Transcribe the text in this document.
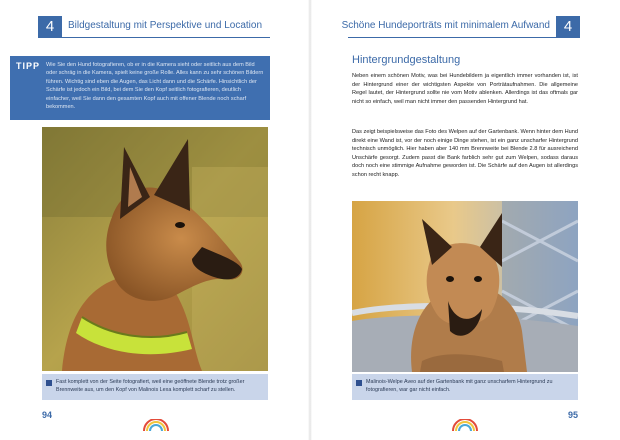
4	Bildgestaltung mit Perspektive und Location
TIPP Wie Sie den Hund fotografieren, ob er in die Kamera sieht oder seitlich aus dem Bild oder schräg in die Kamera, spielt keine große Rolle. Alles kann zu sehr schönen Bildern führen. Wichtig sind eben die Augen, das Licht dann und die Schärfe. Hinsichtlich der Schärfe ist jedoch ein Bild, bei dem Sie den Kopf seitlich fotografieren, deutlich einfacher, weil Sie dann den gesamten Kopf auch mit offener Blende noch scharf bekommen.
Fast komplett von der Seite fotografiert, weil eine geöffnete Blende trotz großer Brennweite aus, um den Kopf von Malinois Lexa komplett scharf zu stellen.
94
Schöne Hundeporträts mit minimalem Aufwand 4
Hintergrundgestaltung
Neben einem schönen Motiv, was bei Hundebildern ja eigentlich immer vorhanden ist, ist der Hintergrund einer der wichtigsten Aspekte von Porträtaufnahmen. Die allgemeine Regel lautet, der Hintergrund sollte nie vom Motiv ablenken. Allerdings ist das oftmals gar nicht so einfach, weil man nicht immer den passenden Hintergrund hat.
Das zeigt beispielsweise das Foto des Welpen auf der Gartenbank. Wenn hinter dem Hund direkt eine Wand ist, vor der noch einige Dinge stehen, ist ein ganz unscharfer Hintergrund technisch unmöglich. Hier haben aber 140 mm Brennweite bei Blende 2.8 für ausreichend Unschärfe gesorgt. Zudem passt die Bank farblich sehr gut zum Welpen, sodass daraus doch noch eine stimmige Aufnahme geworden ist. Die Schärfe auf den Augen ist allerdings schon recht knapp.
Malinois-Welpe Aveo auf der Gartenbank mit ganz unscharfem Hintergrund zu fotografieren, war gar nicht einfach.
95
